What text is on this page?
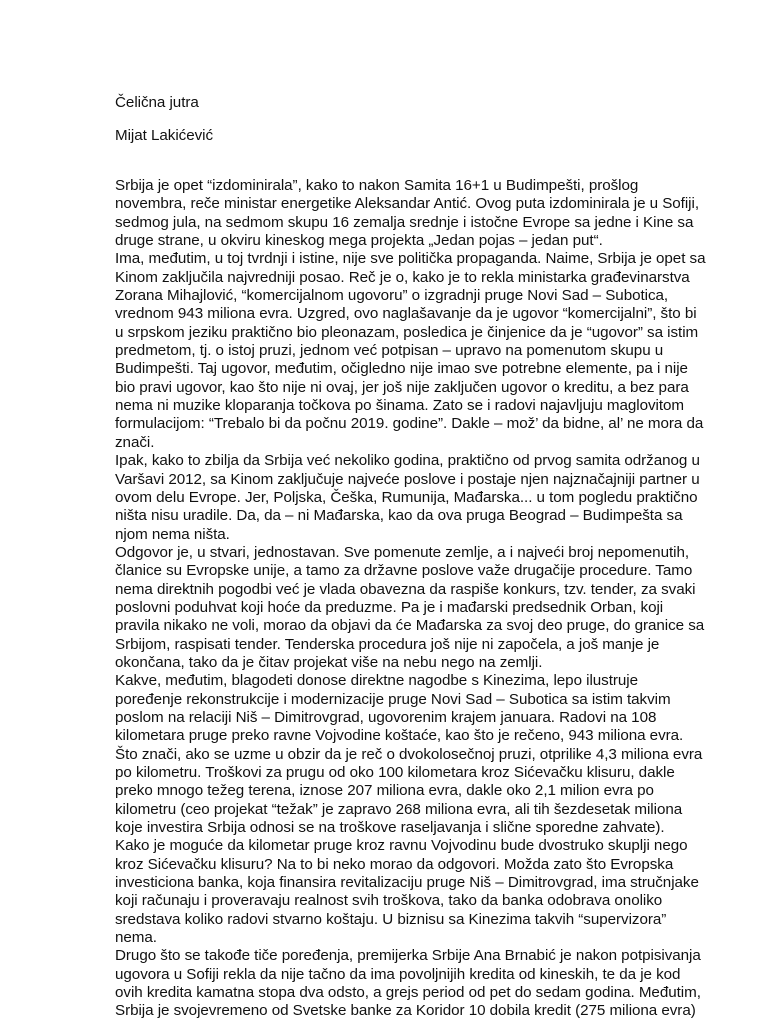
Čelična jutra
Mijat Lakićević
Srbija je opet “izdominirala”, kako to nakon Samita 16+1 u Budimpešti, prošlog
novembra, reče ministar energetike Aleksandar Antić. Ovog puta izdominirala je u Sofiji,
sedmog jula, na sedmom skupu 16 zemalja srednje i istočne Evrope sa jedne i Kine sa
druge strane, u okviru kineskog mega projekta „Jedan pojas – jedan put“.
Ima, međutim, u toj tvrdnji i istine, nije sve politička propaganda. Naime, Srbija je opet sa
Kinom zaključila najvredniji posao. Reč je o, kako je to rekla ministarka građevinarstva
Zorana Mihajlović, “komercijalnom ugovoru” o izgradnji pruge Novi Sad – Subotica,
vrednom 943 miliona evra. Uzgred, ovo naglašavanje da je ugovor “komercijalni”, što bi
u srpskom jeziku praktično bio pleonazam, posledica je činjenice da je “ugovor” sa istim
predmetom, tj. o istoj pruzi, jednom već potpisan – upravo na pomenutom skupu u
Budimpešti. Taj ugovor, međutim, očigledno nije imao sve potrebne elemente, pa i nije
bio pravi ugovor, kao što nije ni ovaj, jer još nije zaključen ugovor o kreditu, a bez para
nema ni muzike kloparanja točkova po šinama. Zato se i radovi najavljuju maglovitom
formulacijom: “Trebalo bi da počnu 2019. godine”. Dakle – mož’ da bidne, al’ ne mora da
znači.
Ipak, kako to zbilja da Srbija već nekoliko godina, praktično od prvog samita održanog u
Varšavi 2012, sa Kinom zaključuje najveće poslove i postaje njen najznačajniji partner u
ovom delu Evrope. Jer, Poljska, Češka, Rumunija, Mađarska... u tom pogledu praktično
ništa nisu uradile. Da, da – ni Mađarska, kao da ova pruga Beograd – Budimpešta sa
njom nema ništa.
Odgovor je, u stvari, jednostavan. Sve pomenute zemlje, a i najveći broj nepomenutih,
članice su Evropske unije, a tamo za državne poslove važe drugačije procedure. Tamo
nema direktnih pogodbi već je vlada obavezna da raspiše konkurs, tzv. tender, za svaki
poslovni poduhvat koji hoće da preduzme. Pa je i mađarski predsednik Orban, koji
pravila nikako ne voli, morao da objavi da će Mađarska za svoj deo pruge, do granice sa
Srbijom, raspisati tender. Tenderska procedura još nije ni započela, a još manje je
okončana, tako da je čitav projekat više na nebu nego na zemlji.
Kakve, međutim, blagodeti donose direktne nagodbe s Kinezima, lepo ilustruje
poređenje rekonstrukcije i modernizacije pruge Novi Sad – Subotica sa istim takvim
poslom na relaciji Niš – Dimitrovgrad, ugovorenim krajem januara. Radovi na 108
kilometara pruge preko ravne Vojvodine koštaće, kao što je rečeno, 943 miliona evra.
Što znači, ako se uzme u obzir da je reč o dvokolosečnoj pruzi, otprilike 4,3 miliona evra
po kilometru. Troškovi za prugu od oko 100 kilometara kroz Sićevačku klisuru, dakle
preko mnogo težeg terena, iznose 207 miliona evra, dakle oko 2,1 milion evra po
kilometru (ceo projekat “težak” je zapravo 268 miliona evra, ali tih šezdesetak miliona
koje investira Srbija odnosi se na troškove raseljavanja i slične sporedne zahvate).
Kako je moguće da kilometar pruge kroz ravnu Vojvodinu bude dvostruko skuplji nego
kroz Sićevačku klisuru? Na to bi neko morao da odgovori. Možda zato što Evropska
investiciona banka, koja finansira revitalizaciju pruge Niš – Dimitrovgrad, ima stručnjake
koji računaju i proveravaju realnost svih troškova, tako da banka odobrava onoliko
sredstava koliko radovi stvarno koštaju. U biznisu sa Kinezima takvih “supervizora”
nema.
Drugo što se takođe tiče poređenja, premijerka Srbije Ana Brnabić je nakon potpisivanja
ugovora u Sofiji rekla da nije tačno da ima povoljnijih kredita od kineskih, te da je kod
ovih kredita kamatna stopa dva odsto, a grejs period od pet do sedam godina. Međutim,
Srbija je svojevremeno od Svetske banke za Koridor 10 dobila kredit (275 miliona evra)
